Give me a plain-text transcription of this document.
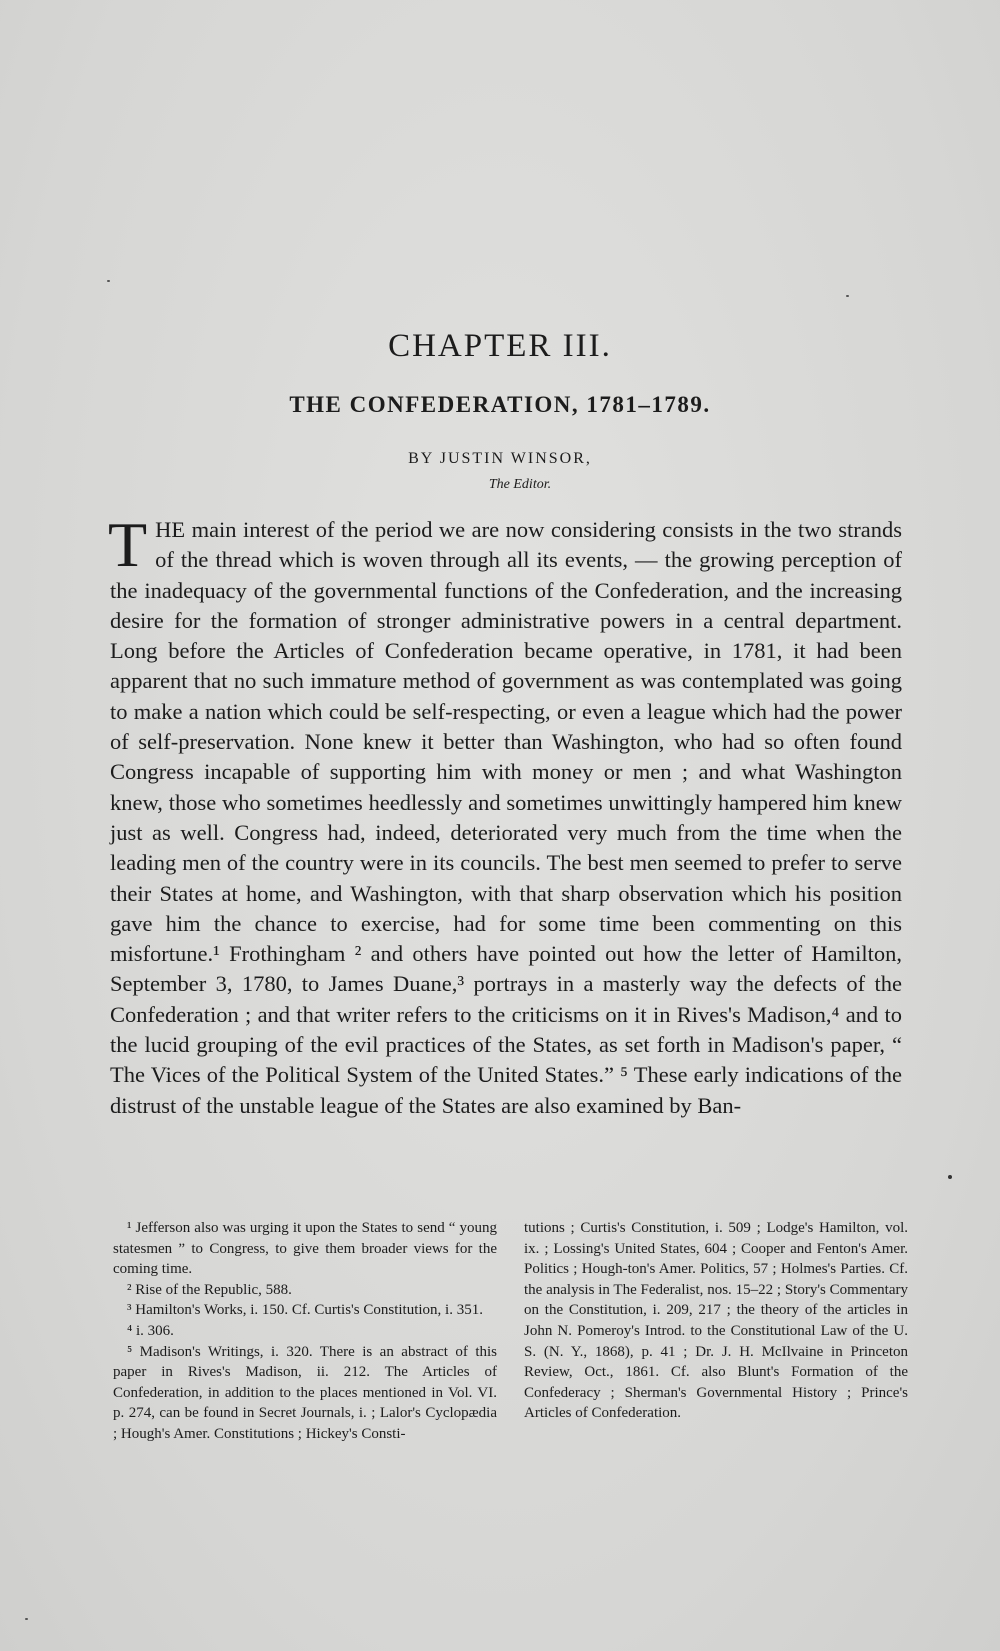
CHAPTER III.
THE CONFEDERATION, 1781–1789.

BY JUSTIN WINSOR,

The Editor.

THE main interest of the period we are now considering consists in the two strands of the thread which is woven through all its events, — the growing perception of the inadequacy of the governmental functions of the Confederation, and the increasing desire for the formation of stronger administrative powers in a central department. Long before the Articles of Confederation became operative, in 1781, it had been apparent that no such immature method of government as was contemplated was going to make a nation which could be self-respecting, or even a league which had the power of self-preservation. None knew it better than Washington, who had so often found Congress incapable of supporting him with money or men ; and what Washington knew, those who sometimes heedlessly and sometimes unwittingly hampered him knew just as well. Congress had, indeed, deteriorated very much from the time when the leading men of the country were in its councils. The best men seemed to prefer to serve their States at home, and Washington, with that sharp observation which his position gave him the chance to exercise, had for some time been commenting on this misfortune.¹ Frothingham ² and others have pointed out how the letter of Hamilton, September 3, 1780, to James Duane,³ portrays in a masterly way the defects of the Confederation ; and that writer refers to the criticisms on it in Rives's Madison,⁴ and to the lucid grouping of the evil practices of the States, as set forth in Madison's paper, “ The Vices of the Political System of the United States.” ⁵ These early indications of the distrust of the unstable league of the States are also examined by Ban-

¹ Jefferson also was urging it upon the States to send “ young statesmen ” to Congress, to give them broader views for the coming time.

² Rise of the Republic, 588.

³ Hamilton's Works, i. 150. Cf. Curtis's Constitution, i. 351.

⁴ i. 306.

⁵ Madison's Writings, i. 320. There is an abstract of this paper in Rives's Madison, ii. 212. The Articles of Confederation, in addition to the places mentioned in Vol. VI. p. 274, can be found in Secret Journals, i. ; Lalor's Cyclopædia ; Hough's Amer. Constitutions ; Hickey's Consti-

tutions ; Curtis's Constitution, i. 509 ; Lodge's Hamilton, vol. ix. ; Lossing's United States, 604 ; Cooper and Fenton's Amer. Politics ; Hough-ton's Amer. Politics, 57 ; Holmes's Parties. Cf. the analysis in The Federalist, nos. 15–22 ; Story's Commentary on the Constitution, i. 209, 217 ; the theory of the articles in John N. Pomeroy's Introd. to the Constitutional Law of the U. S. (N. Y., 1868), p. 41 ; Dr. J. H. McIlvaine in Princeton Review, Oct., 1861. Cf. also Blunt's Formation of the Confederacy ; Sherman's Governmental History ; Prince's Articles of Confederation.
